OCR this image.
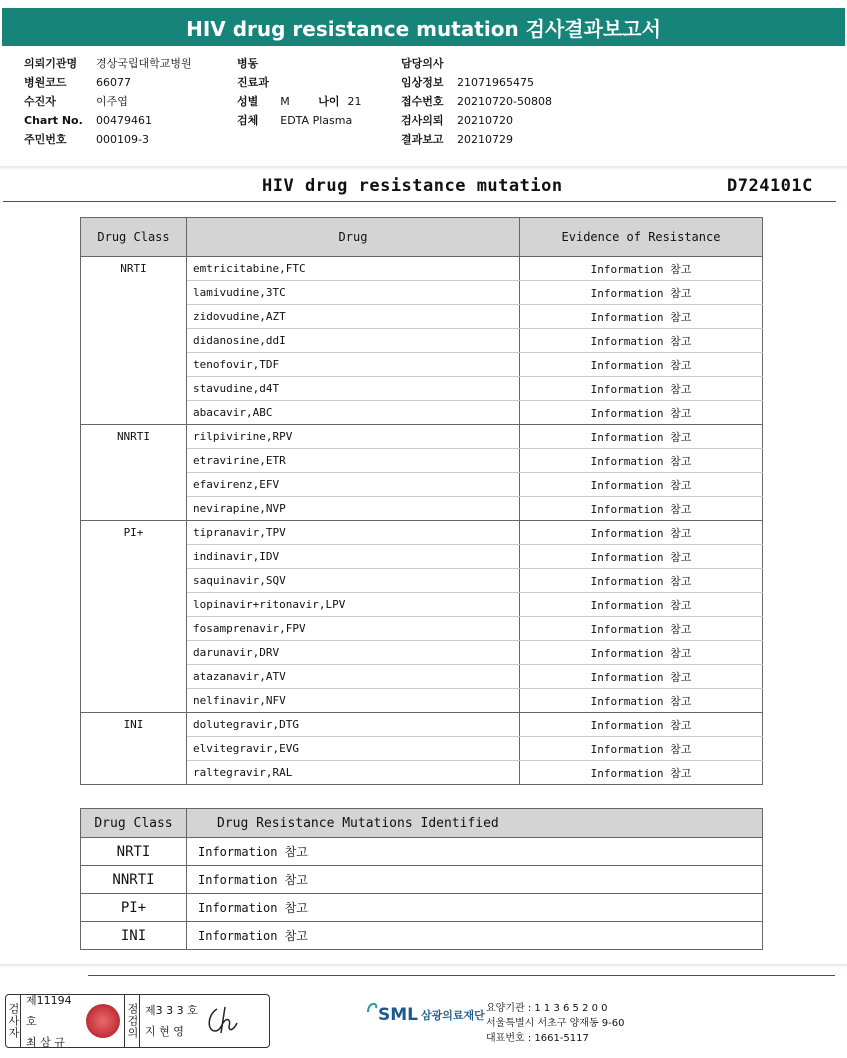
HIV drug resistance mutation 검사결과보고서
의뢰기관명	경상국립대학교병원
병원코드	66077
수진자	이주엽
Chart No.	00479461
주민번호	000109-3
병동
진료과
성별 M	나이 21
검체 EDTA Plasma
담당의사
임상정보	21071965475
접수번호	20210720-50808
검사의뢰	20210720
결과보고	20210729
HIV drug resistance mutation	D724101C
Drug Class	Drug	Evidence of Resistance
NRTI	emtricitabine,FTC	Information 참고
	lamivudine,3TC	Information 참고
	zidovudine,AZT	Information 참고
	didanosine,ddI	Information 참고
	tenofovir,TDF	Information 참고
	stavudine,d4T	Information 참고
	abacavir,ABC	Information 참고
NNRTI	rilpivirine,RPV	Information 참고
	etravirine,ETR	Information 참고
	efavirenz,EFV	Information 참고
	nevirapine,NVP	Information 참고
PI+	tipranavir,TPV	Information 참고
	indinavir,IDV	Information 참고
	saquinavir,SQV	Information 참고
	lopinavir+ritonavir,LPV	Information 참고
	fosamprenavir,FPV	Information 참고
	darunavir,DRV	Information 참고
	atazanavir,ATV	Information 참고
	nelfinavir,NFV	Information 참고
INI	dolutegravir,DTG	Information 참고
	elvitegravir,EVG	Information 참고
	raltegravir,RAL	Information 참고
Drug Class	Drug Resistance Mutations Identified
NRTI	Information 참고
NNRTI	Information 참고
PI+	Information 참고
INI	Information 참고
검사자
제11194호
최 삼 규
점검의 제3 3 3 호
지 현 영
SML 삼광의료재단
요양기관 : 1 1 3 6 5 2 0 0
서울특별시 서초구 양재동 9-60
대표번호 : 1661-5117
